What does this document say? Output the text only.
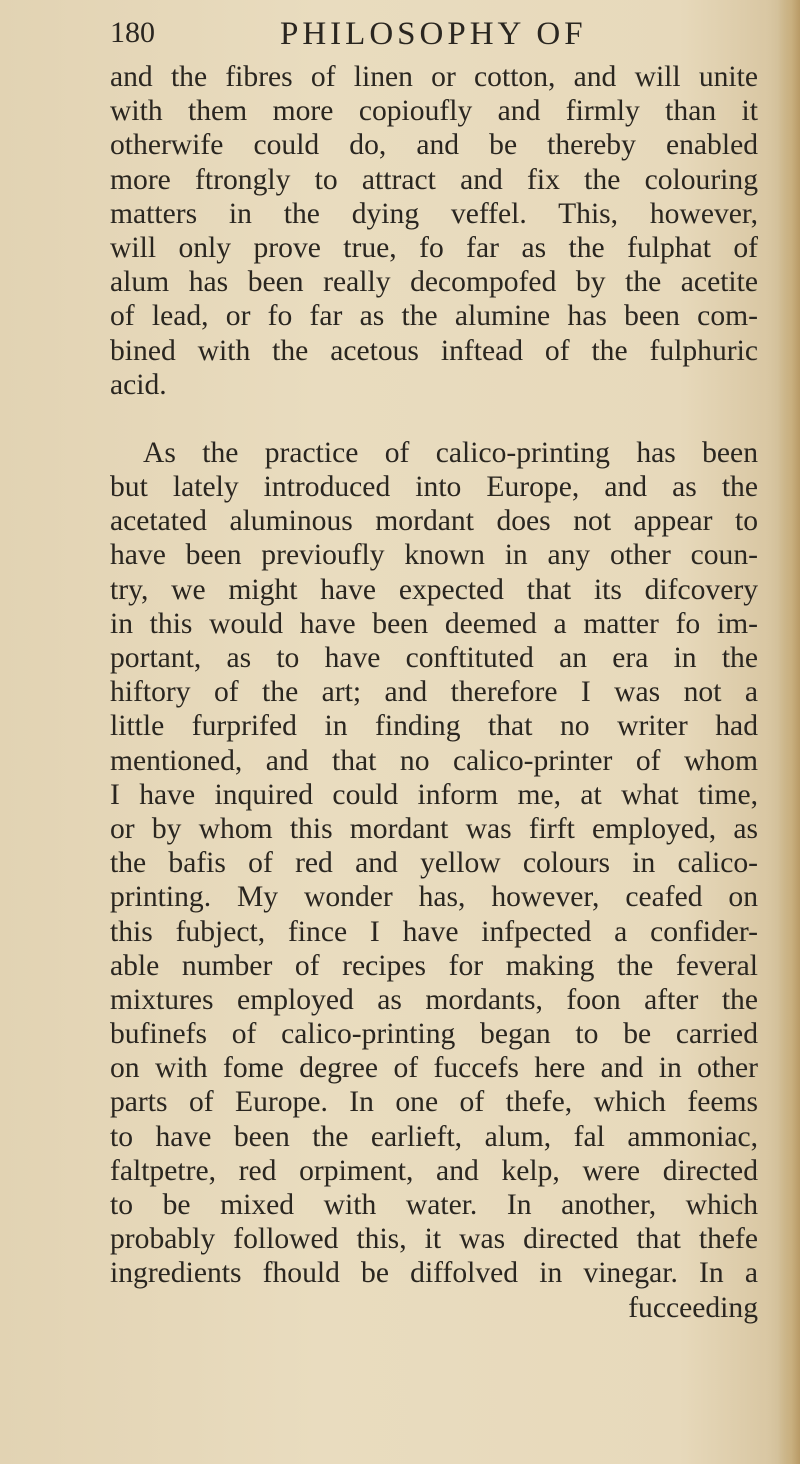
180	PHILOSOPHY OF
and the fibres of linen or cotton, and will unite
with them more copioufly and firmly than it
otherwife could do, and be thereby enabled
more ftrongly to attract and fix the colouring
matters in the dying veffel. This, however,
will only prove true, fo far as the fulphat of
alum has been really decompofed by the acetite
of lead, or fo far as the alumine has been com-
bined with the acetous inftead of the fulphuric
acid.
As the practice of calico-printing has been
but lately introduced into Europe, and as the
acetated aluminous mordant does not appear to
have been previoufly known in any other coun-
try, we might have expected that its difcovery
in this would have been deemed a matter fo im-
portant, as to have conftituted an era in the
hiftory of the art; and therefore I was not a
little furprifed in finding that no writer had
mentioned, and that no calico-printer of whom
I have inquired could inform me, at what time,
or by whom this mordant was firft employed, as
the bafis of red and yellow colours in calico-
printing. My wonder has, however, ceafed on
this fubject, fince I have infpected a confider-
able number of recipes for making the feveral
mixtures employed as mordants, foon after the
bufinefs of calico-printing began to be carried
on with fome degree of fuccefs here and in other
parts of Europe. In one of thefe, which feems
to have been the earlieft, alum, fal ammoniac,
faltpetre, red orpiment, and kelp, were directed
to be mixed with water. In another, which
probably followed this, it was directed that thefe
ingredients fhould be diffolved in vinegar. In a
fucceeding
